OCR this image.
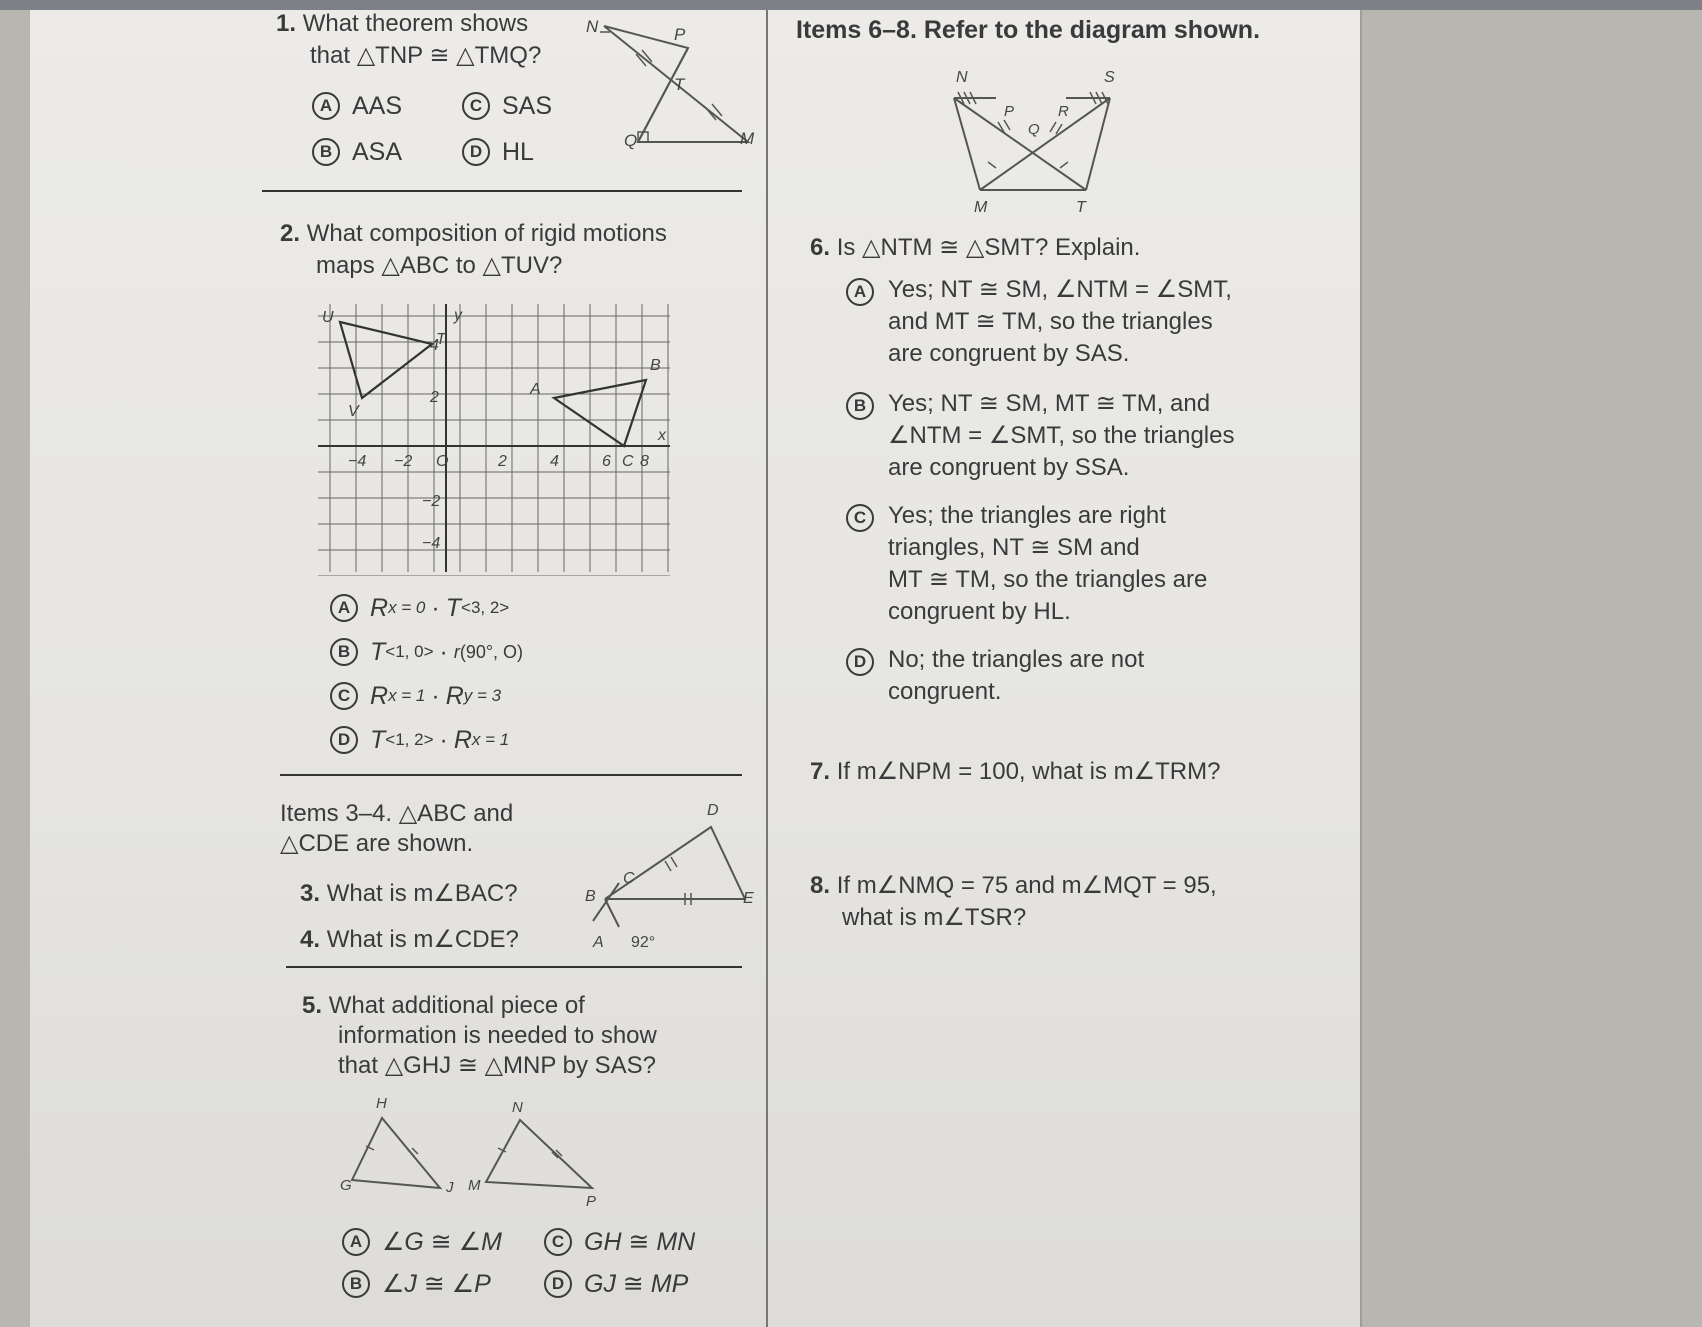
1. What theorem shows
that △TNP ≅ △TMQ?
A AAS	C SAS
B ASA	D HL
N	P
T
Q	M
2. What composition of rigid motions
maps △ABC to △TUV?
U
T
V
A
B
C
y
x
−4 −2 O	2	4	6 8
4
2
−2
−4
A R x = 0 · T <3, 2>
B T <1, 0> · r (90°, O)
C R x = 1 · R y = 3
D T <1, 2> · R x = 1
Items 3–4. △ABC and
△CDE are shown.
3. What is m∠BAC?
4. What is m∠CDE?
D
C
B	E
A 92°
5. What additional piece of
information is needed to show
that △GHJ ≅ △MNP by SAS?
H
G	J
N
M
P
A ∠G ≅ ∠M	C GH ≅ MN
B ∠J ≅ ∠P	D GJ ≅ MP
Items 6–8. Refer to the diagram shown.
N	S
P	R
Q
M	T
6. Is △NTM ≅ △SMT? Explain.
A Yes; NT ≅ SM, ∠NTM = ∠SMT,
and MT ≅ TM, so the triangles
are congruent by SAS.
B Yes; NT ≅ SM, MT ≅ TM, and
∠NTM = ∠SMT, so the triangles
are congruent by SSA.
C Yes; the triangles are right
triangles, NT ≅ SM and
MT ≅ TM, so the triangles are
congruent by HL.
D No; the triangles are not
congruent.
7. If m∠NPM = 100, what is m∠TRM?
8. If m∠NMQ = 75 and m∠MQT = 95,
what is m∠TSR?
